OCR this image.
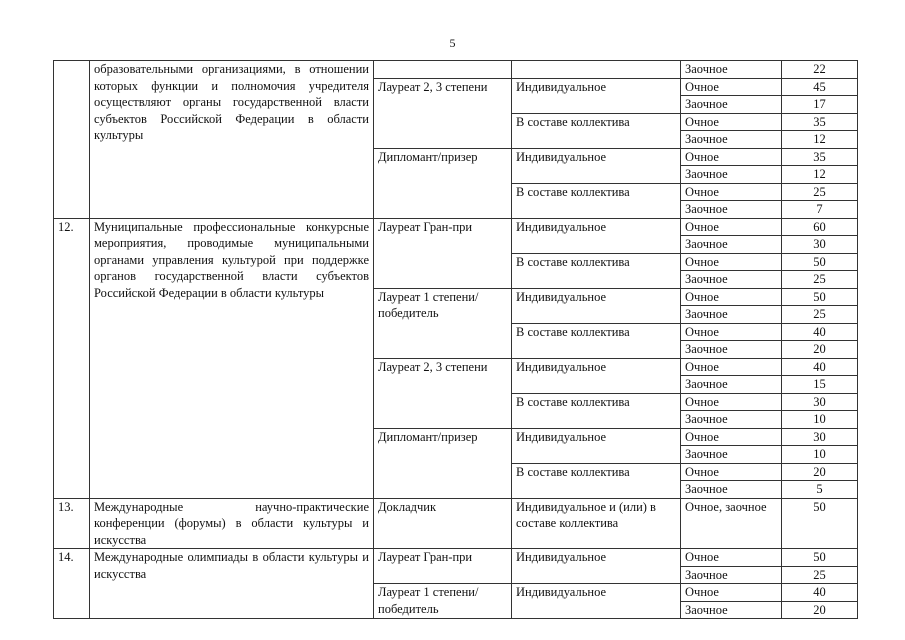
5

	образовательными организациями, в отношении которых функции и полномочия учредителя осуществляют органы государственной власти субъектов Российской Федерации в области культуры			Заочное	22
		Лауреат 2, 3 степени	Индивидуальное	Очное	45
				Заочное	17
			В составе коллектива	Очное	35
				Заочное	12
		Дипломант/призер	Индивидуальное	Очное	35
				Заочное	12
			В составе коллектива	Очное	25
				Заочное	7
12.	Муниципальные профессиональные конкурсные мероприятия, проводимые муниципальными органами управления культурой при поддержке органов государственной власти субъектов Российской Федерации в области культуры	Лауреат Гран-при	Индивидуальное	Очное	60
				Заочное	30
			В составе коллектива	Очное	50
				Заочное	25
		Лауреат 1 степени/ победитель	Индивидуальное	Очное	50
				Заочное	25
			В составе коллектива	Очное	40
				Заочное	20
		Лауреат 2, 3 степени	Индивидуальное	Очное	40
				Заочное	15
			В составе коллектива	Очное	30
				Заочное	10
		Дипломант/призер	Индивидуальное	Очное	30
				Заочное	10
			В составе коллектива	Очное	20
				Заочное	5
13.	Международные научно-практические конференции (форумы) в области культуры и искусства	Докладчик	Индивидуальное и (или) в составе коллектива	Очное, заочное	50
14.	Международные олимпиады в области культуры и искусства	Лауреат Гран-при	Индивидуальное	Очное	50
				Заочное	25
		Лауреат 1 степени/ победитель	Индивидуальное	Очное	40
				Заочное	20
